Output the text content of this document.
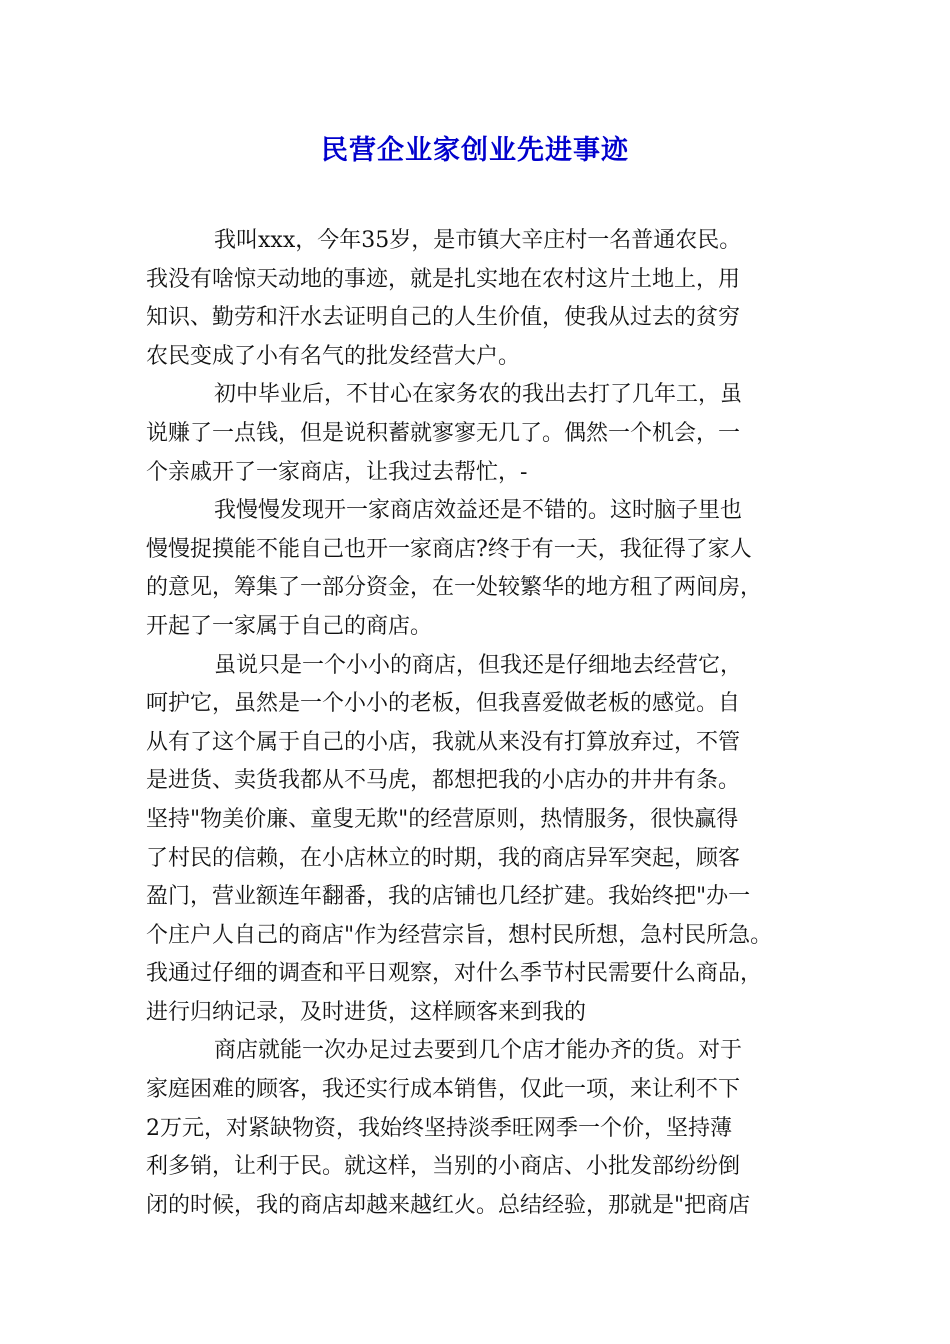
民营企业家创业先进事迹
我叫xxx，今年35岁，是市镇大辛庄村一名普通农民。
我没有啥惊天动地的事迹，就是扎实地在农村这片土地上，用
知识、勤劳和汗水去证明自己的人生价值，使我从过去的贫穷
农民变成了小有名气的批发经营大户。
初中毕业后，不甘心在家务农的我出去打了几年工，虽
说赚了一点钱，但是说积蓄就寥寥无几了。偶然一个机会，一
个亲戚开了一家商店，让我过去帮忙，-
我慢慢发现开一家商店效益还是不错的。这时脑子里也
慢慢捉摸能不能自己也开一家商店?终于有一天，我征得了家人
的意见，筹集了一部分资金，在一处较繁华的地方租了两间房，
开起了一家属于自己的商店。
虽说只是一个小小的商店，但我还是仔细地去经营它，
呵护它，虽然是一个小小的老板，但我喜爱做老板的感觉。自
从有了这个属于自己的小店，我就从来没有打算放弃过，不管
是进货、卖货我都从不马虎，都想把我的小店办的井井有条。
坚持"物美价廉、童叟无欺"的经营原则，热情服务，很快赢得
了村民的信赖，在小店林立的时期，我的商店异军突起，顾客
盈门，营业额连年翻番，我的店铺也几经扩建。我始终把"办一
个庄户人自己的商店"作为经营宗旨，想村民所想，急村民所急。
我通过仔细的调查和平日观察，对什么季节村民需要什么商品，
进行归纳记录，及时进货，这样顾客来到我的
商店就能一次办足过去要到几个店才能办齐的货。对于
家庭困难的顾客，我还实行成本销售，仅此一项，来让利不下
2万元，对紧缺物资，我始终坚持淡季旺网季一个价，坚持薄
利多销，让利于民。就这样，当别的小商店、小批发部纷纷倒
闭的时候，我的商店却越来越红火。总结经验，那就是"把商店
